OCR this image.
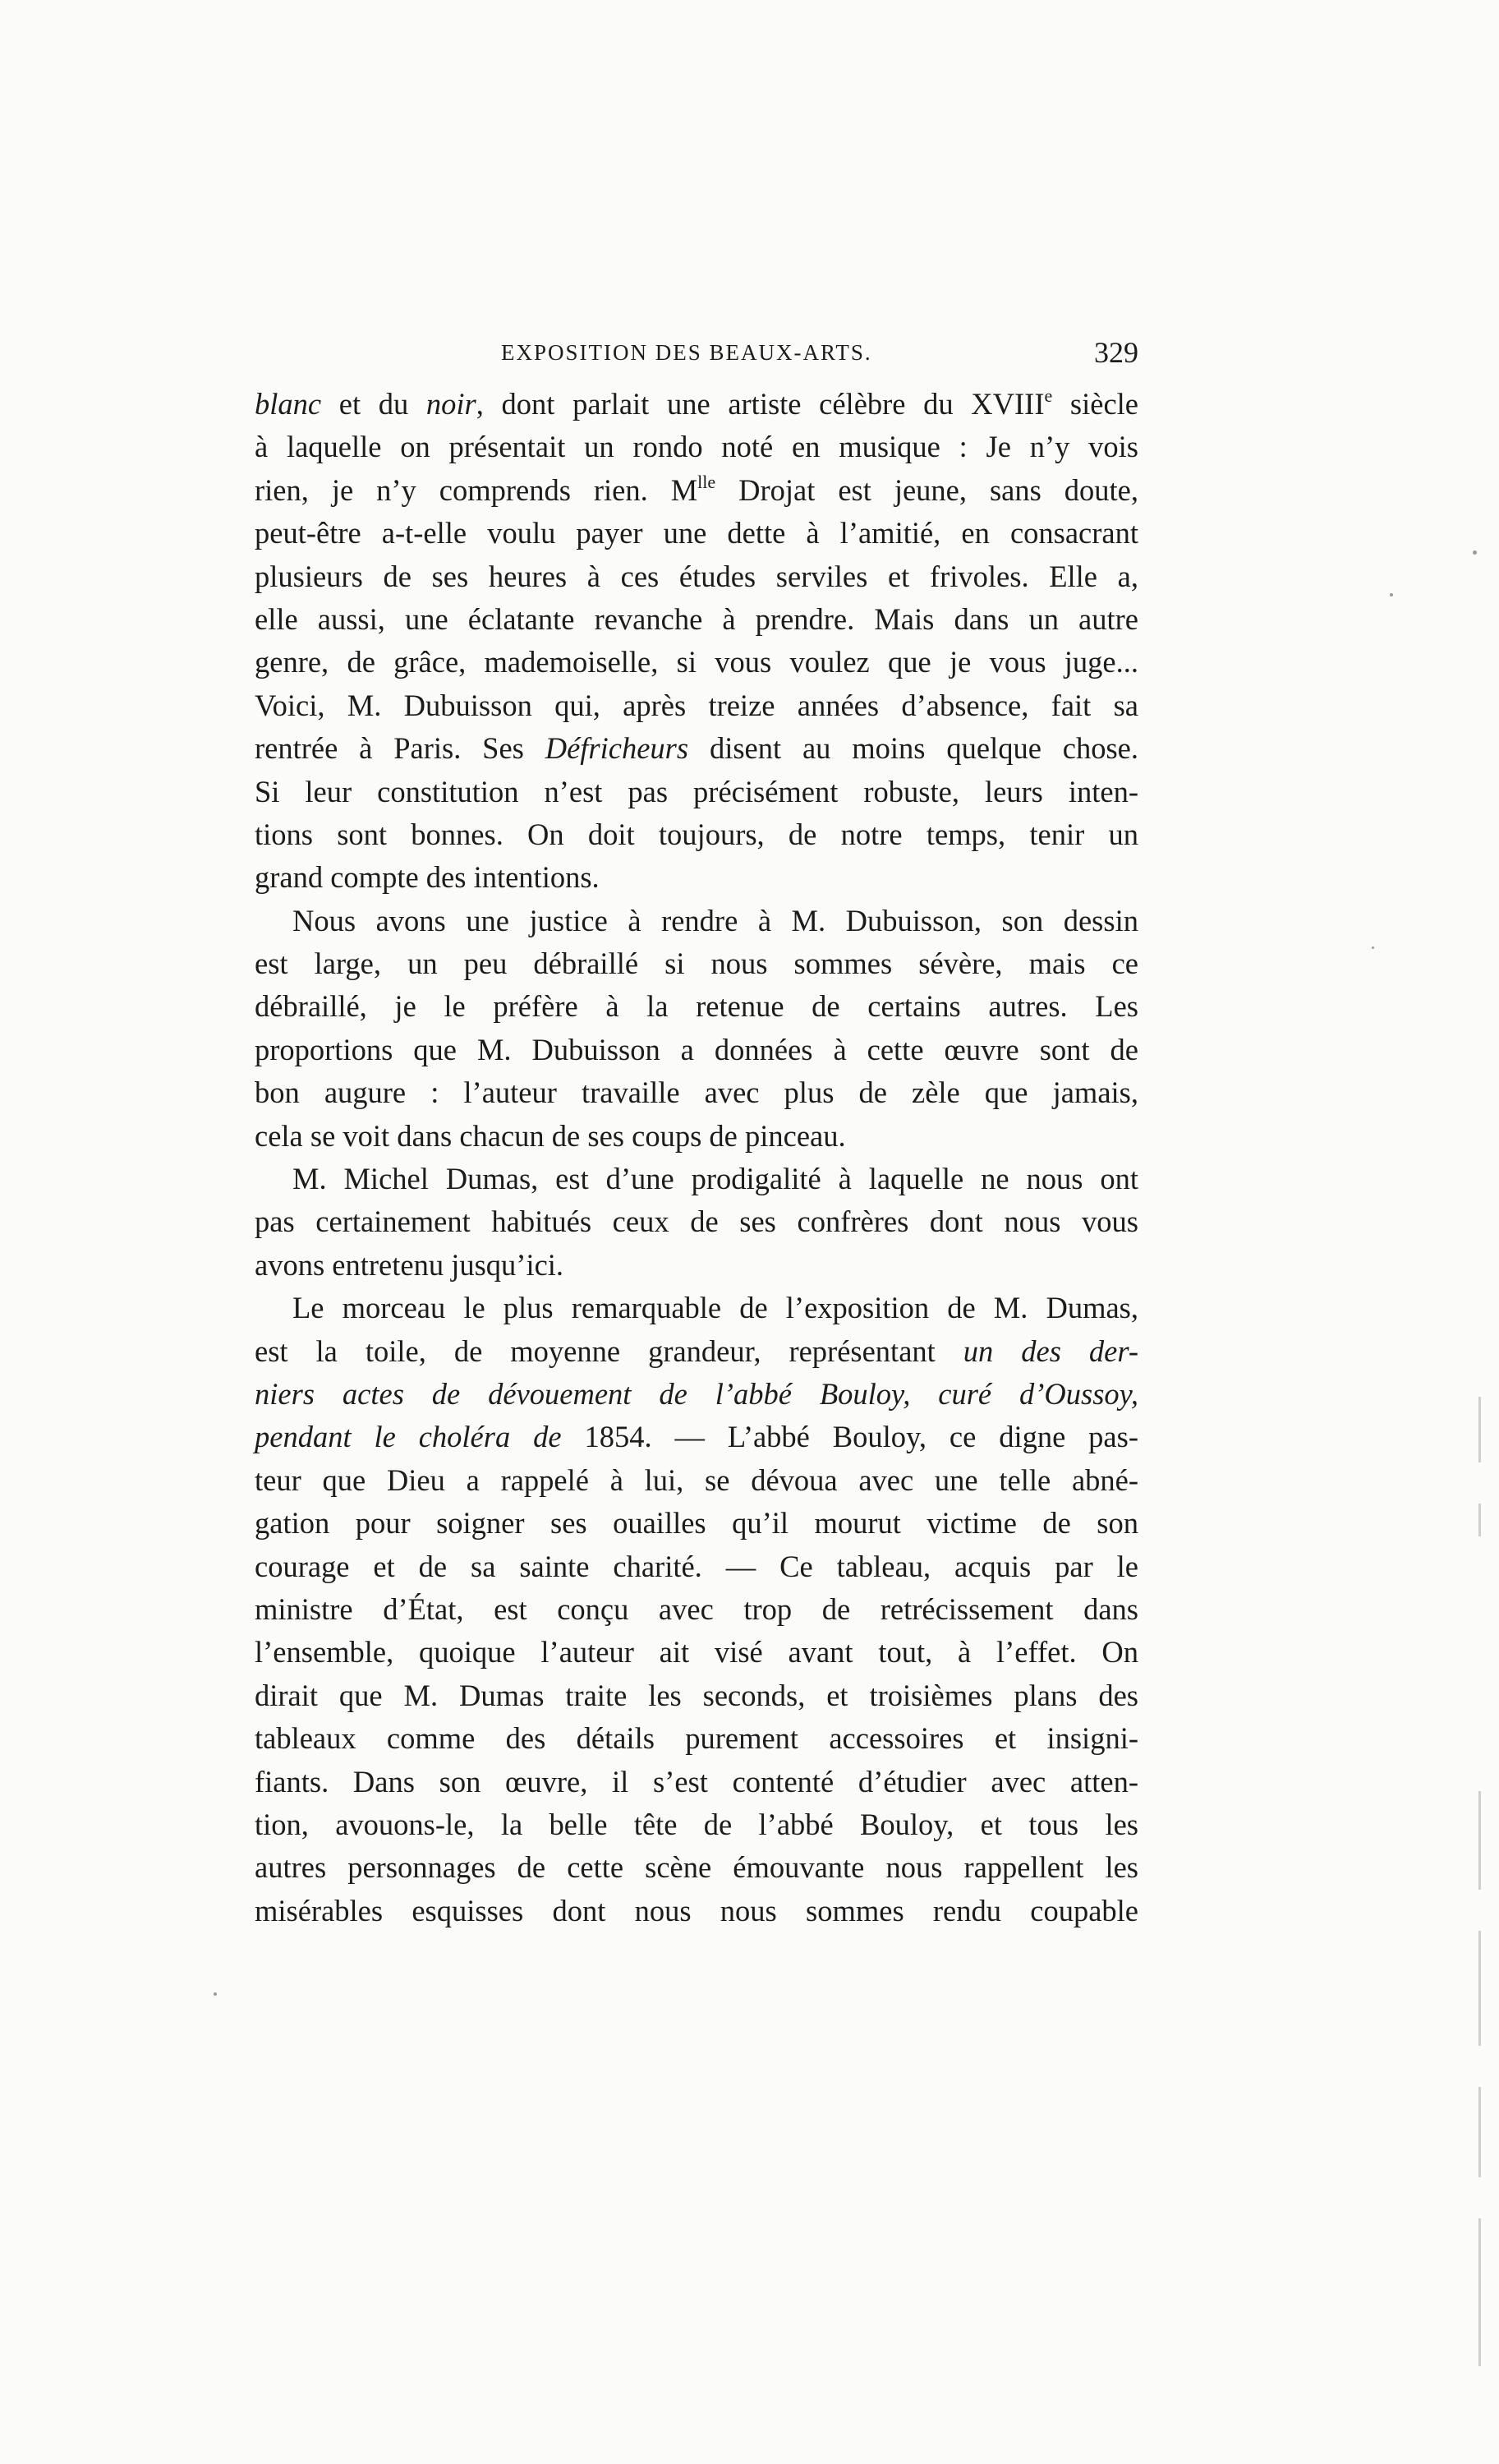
EXPOSITION DES BEAUX-ARTS.	329
blanc et du noir, dont parlait une artiste célèbre du XVIIIe siècle
à laquelle on présentait un rondo noté en musique : Je n’y vois
rien, je n’y comprends rien. $M^{lle}$ Drojat est jeune, sans doute,
peut-être a-t-elle voulu payer une dette à l’amitié, en consacrant
plusieurs de ses heures à ces études serviles et frivoles. Elle a,
elle aussi, une éclatante revanche à prendre. Mais dans un autre
genre, de grâce, mademoiselle, si vous voulez que je vous juge...
Voici, M. Dubuisson qui, après treize années d’absence, fait sa
rentrée à Paris. Ses Défricheurs disent au moins quelque chose.
Si leur constitution n’est pas précisément robuste, leurs inten-
tions sont bonnes. On doit toujours, de notre temps, tenir un
grand compte des intentions.
Nous avons une justice à rendre à M. Dubuisson, son dessin
est large, un peu débraillé si nous sommes sévère, mais ce
débraillé, je le préfère à la retenue de certains autres. Les
proportions que M. Dubuisson a données à cette œuvre sont de
bon augure : l’auteur travaille avec plus de zèle que jamais,
cela se voit dans chacun de ses coups de pinceau.
M. Michel Dumas, est d’une prodigalité à laquelle ne nous ont
pas certainement habitués ceux de ses confrères dont nous vous
avons entretenu jusqu’ici.
Le morceau le plus remarquable de l’exposition de M. Dumas,
est la toile, de moyenne grandeur, représentant un des der-
niers actes de dévouement de l’abbé Bouloy, curé d’Oussoy,
pendant le choléra de 1854. — L’abbé Bouloy, ce digne pas-
teur que Dieu a rappelé à lui, se dévoua avec une telle abné-
gation pour soigner ses ouailles qu’il mourut victime de son
courage et de sa sainte charité. — Ce tableau, acquis par le
ministre d’État, est conçu avec trop de retrécissement dans
l’ensemble, quoique l’auteur ait visé avant tout, à l’effet. On
dirait que M. Dumas traite les seconds, et troisièmes plans des
tableaux comme des détails purement accessoires et insigni-
fiants. Dans son œuvre, il s’est contenté d’étudier avec atten-
tion, avouons-le, la belle tête de l’abbé Bouloy, et tous les
autres personnages de cette scène émouvante nous rappellent les
misérables esquisses dont nous nous sommes rendu coupable
